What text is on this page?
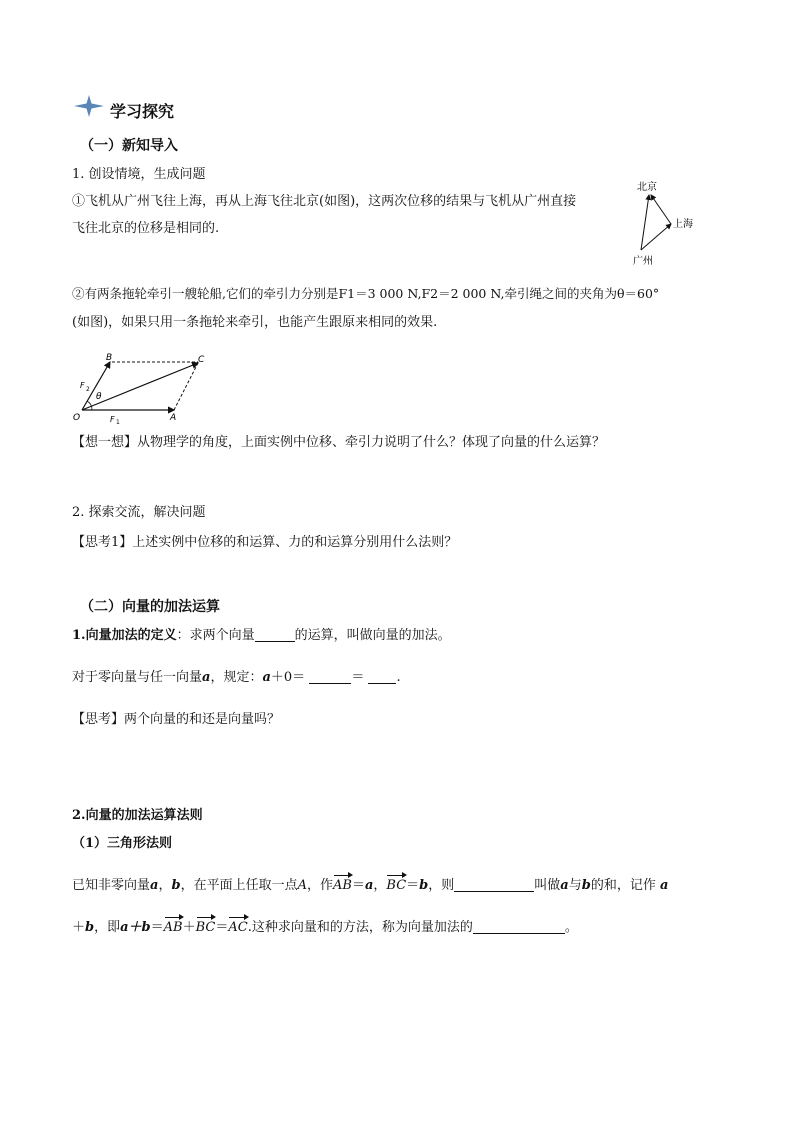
学习探究
（一）新知导入
1. 创设情境，生成问题
①飞机从广州飞往上海，再从上海飞往北京(如图)，这两次位移的结果与飞机从广州直接
飞往北京的位移是相同的.
北京
上海
广州
②有两条拖轮牵引一艘轮船,它们的牵引力分别是F1＝3 000 N,F2＝2 000 N,牵引绳之间的夹角为θ＝60°
(如图)，如果只用一条拖轮来牵引，也能产生跟原来相同的效果.
B	C
F 2
θ
O	F 1	A
【想一想】从物理学的角度，上面实例中位移、牵引力说明了什么？体现了向量的什么运算？
2. 探索交流，解决问题
【思考1】上述实例中位移的和运算、力的和运算分别用什么法则？
（二）向量的加法运算
1.向量加法的定义：求两个向量	的运算，叫做向量的加法。
对于零向量与任一向量a，规定：a＋0＝	＝ .
【思考】两个向量的和还是向量吗？
2.向量的加法运算法则
（1）三角形法则
已知非零向量a，b，在平面上任取一点A，作AB＝a，BC＝b，则	叫做a与b的和，记作 a
＋b，即a＋b＝AB＋BC＝AC.这种求向量和的方法，称为向量加法的	。
